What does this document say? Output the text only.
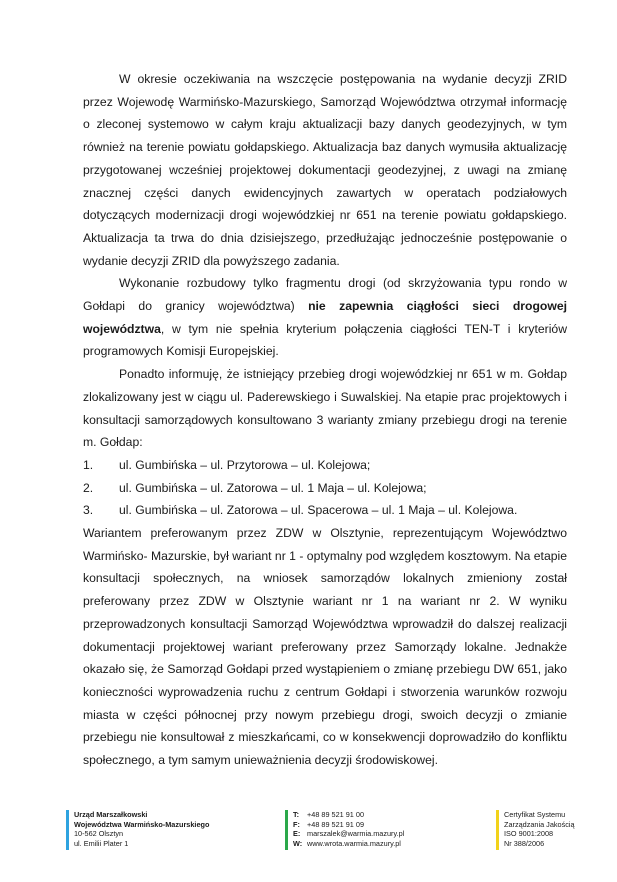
W okresie oczekiwania na wszczęcie postępowania na wydanie decyzji ZRID przez Wojewodę Warmińsko-Mazurskiego, Samorząd Województwa otrzymał informację o zleconej systemowo w całym kraju aktualizacji bazy danych geodezyjnych, w tym również na terenie powiatu gołdapskiego. Aktualizacja baz danych wymusiła aktualizację przygotowanej wcześniej projektowej dokumentacji geodezyjnej, z uwagi na zmianę znacznej części danych ewidencyjnych zawartych w operatach podziałowych dotyczących modernizacji drogi wojewódzkiej nr 651 na terenie powiatu gołdapskiego. Aktualizacja ta trwa do dnia dzisiejszego, przedłużając jednocześnie postępowanie o wydanie decyzji ZRID dla powyższego zadania.

Wykonanie rozbudowy tylko fragmentu drogi (od skrzyżowania typu rondo w Gołdapi do granicy województwa) nie zapewnia ciągłości sieci drogowej województwa, w tym nie spełnia kryterium połączenia ciągłości TEN-T i kryteriów programowych Komisji Europejskiej.

Ponadto informuję, że istniejący przebieg drogi wojewódzkiej nr 651 w m. Gołdap zlokalizowany jest w ciągu ul. Paderewskiego i Suwalskiej. Na etapie prac projektowych i konsultacji samorządowych konsultowano 3 warianty zmiany przebiegu drogi na terenie m. Gołdap:

1.	ul. Gumbińska – ul. Przytorowa – ul. Kolejowa;
2.	ul. Gumbińska – ul. Zatorowa – ul. 1 Maja – ul. Kolejowa;
3.	ul. Gumbińska – ul. Zatorowa – ul. Spacerowa – ul. 1 Maja – ul. Kolejowa.

Wariantem preferowanym przez ZDW w Olsztynie, reprezentującym Województwo Warmińsko- Mazurskie, był wariant nr 1 - optymalny pod względem kosztowym. Na etapie konsultacji społecznych, na wniosek samorządów lokalnych zmieniony został preferowany przez ZDW w Olsztynie wariant nr 1 na wariant nr 2. W wyniku przeprowadzonych konsultacji Samorząd Województwa wprowadził do dalszej realizacji dokumentacji projektowej wariant preferowany przez Samorządy lokalne. Jednakże okazało się, że Samorząd Gołdapi przed wystąpieniem o zmianę przebiegu DW 651, jako konieczności wyprowadzenia ruchu z centrum Gołdapi i stworzenia warunków rozwoju miasta w części północnej przy nowym przebiegu drogi, swoich decyzji o zmianie przebiegu nie konsultował z mieszkańcami, co w konsekwencji doprowadziło do konfliktu społecznego, a tym samym unieważnienia decyzji środowiskowej.

Urząd Marszałkowski
Województwa Warmińsko-Mazurskiego
10-562 Olsztyn
ul. Emilii Plater 1
T:	+48 89 521 91 00
F: +48 89 521 91 09
E: marszalek@warmia.mazury.pl
W: www.wrota.warmia.mazury.pl
Certyfikat Systemu
Zarządzania Jakością
ISO 9001:2008
Nr 388/2006
